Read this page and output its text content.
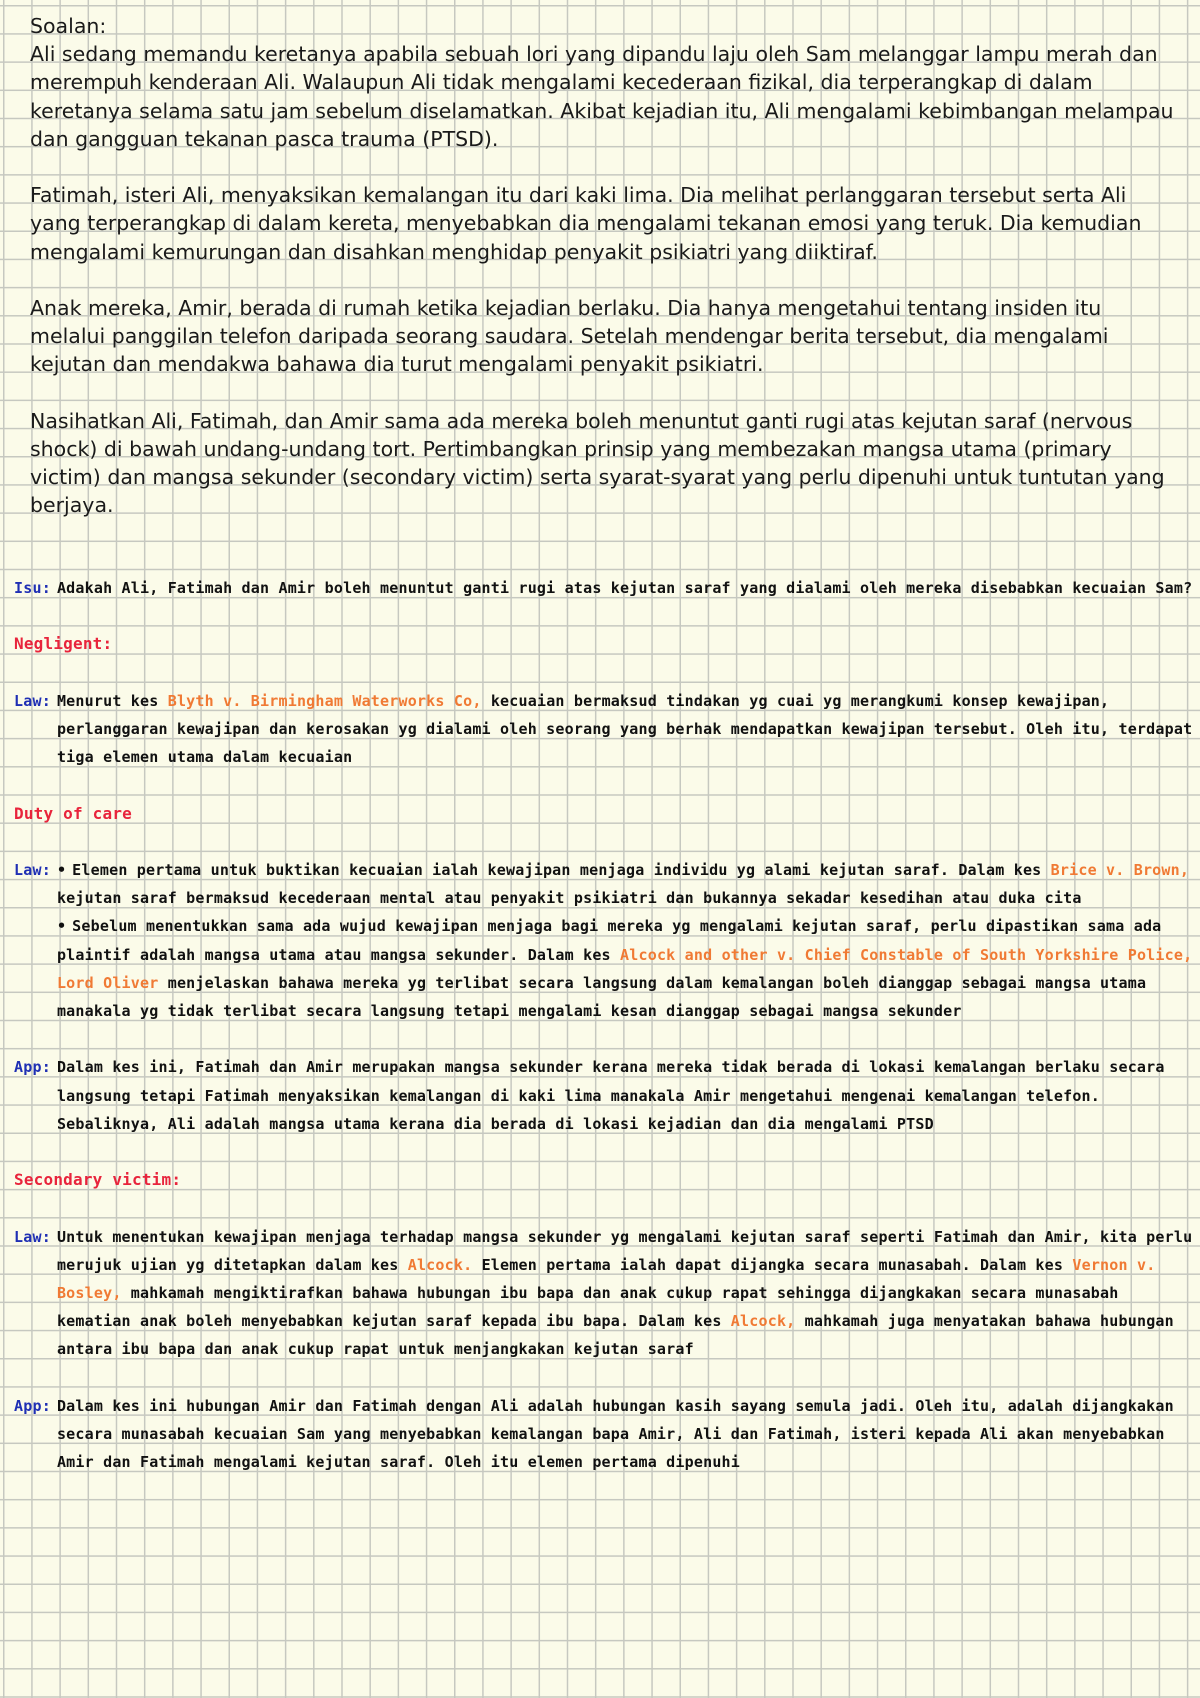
Soalan:

Ali sedang memandu keretanya apabila sebuah lori yang dipandu laju oleh Sam melanggar lampu merah dan merempuh kenderaan Ali. Walaupun Ali tidak mengalami kecederaan fizikal, dia terperangkap di dalam keretanya selama satu jam sebelum diselamatkan. Akibat kejadian itu, Ali mengalami kebimbangan melampau dan gangguan tekanan pasca trauma (PTSD).

Fatimah, isteri Ali, menyaksikan kemalangan itu dari kaki lima. Dia melihat perlanggaran tersebut serta Ali yang terperangkap di dalam kereta, menyebabkan dia mengalami tekanan emosi yang teruk. Dia kemudian mengalami kemurungan dan disahkan menghidap penyakit psikiatri yang diiktiraf.

Anak mereka, Amir, berada di rumah ketika kejadian berlaku. Dia hanya mengetahui tentang insiden itu melalui panggilan telefon daripada seorang saudara. Setelah mendengar berita tersebut, dia mengalami kejutan dan mendakwa bahawa dia turut mengalami penyakit psikiatri.

Nasihatkan Ali, Fatimah, dan Amir sama ada mereka boleh menuntut ganti rugi atas kejutan saraf (nervous shock) di bawah undang-undang tort. Pertimbangkan prinsip yang membezakan mangsa utama (primary victim) dan mangsa sekunder (secondary victim) serta syarat-syarat yang perlu dipenuhi untuk tuntutan yang berjaya.

Isu: Adakah Ali, Fatimah dan Amir boleh menuntut ganti rugi atas kejutan saraf yang dialami oleh mereka disebabkan kecuaian Sam?
Negligent:
Law: Menurut kes Blyth v. Birmingham Waterworks Co, kecuaian bermaksud tindakan yg cuai yg merangkumi konsep kewajipan, perlanggaran kewajipan dan kerosakan yg dialami oleh seorang yang berhak mendapatkan kewajipan tersebut. Oleh itu, terdapat tiga elemen utama dalam kecuaian
Duty of care
Law:
•	Elemen pertama untuk buktikan kecuaian ialah kewajipan menjaga individu yg alami kejutan saraf. Dalam kes Brice v. Brown, kejutan saraf bermaksud kecederaan mental atau penyakit psikiatri dan bukannya sekadar kesedihan atau duka cita
• Sebelum menentukkan sama ada wujud kewajipan menjaga bagi mereka yg mengalami kejutan saraf, perlu dipastikan sama ada plaintif adalah mangsa utama atau mangsa sekunder. Dalam kes Alcock and other v. Chief Constable of South Yorkshire Police, Lord Oliver menjelaskan bahawa mereka yg terlibat secara langsung dalam kemalangan boleh dianggap sebagai mangsa utama manakala yg tidak terlibat secara langsung tetapi mengalami kesan dianggap sebagai mangsa sekunder
App: Dalam kes ini, Fatimah dan Amir merupakan mangsa sekunder kerana mereka tidak berada di lokasi kemalangan berlaku secara langsung tetapi Fatimah menyaksikan kemalangan di kaki lima manakala Amir mengetahui mengenai kemalangan telefon. Sebaliknya, Ali adalah mangsa utama kerana dia berada di lokasi kejadian dan dia mengalami PTSD
Secondary victim:
Law: Untuk menentukan kewajipan menjaga terhadap mangsa sekunder yg mengalami kejutan saraf seperti Fatimah dan Amir, kita perlu merujuk ujian yg ditetapkan dalam kes Alcock. Elemen pertama ialah dapat dijangka secara munasabah. Dalam kes Vernon v. Bosley, mahkamah mengiktirafkan bahawa hubungan ibu bapa dan anak cukup rapat sehingga dijangkakan secara munasabah kematian anak boleh menyebabkan kejutan saraf kepada ibu bapa. Dalam kes Alcock, mahkamah juga menyatakan bahawa hubungan antara ibu bapa dan anak cukup rapat untuk menjangkakan kejutan saraf
App: Dalam kes ini hubungan Amir dan Fatimah dengan Ali adalah hubungan kasih sayang semula jadi. Oleh itu, adalah dijangkakan secara munasabah kecuaian Sam yang menyebabkan kemalangan bapa Amir, Ali dan Fatimah, isteri kepada Ali akan menyebabkan Amir dan Fatimah mengalami kejutan saraf. Oleh itu elemen pertama dipenuhi
